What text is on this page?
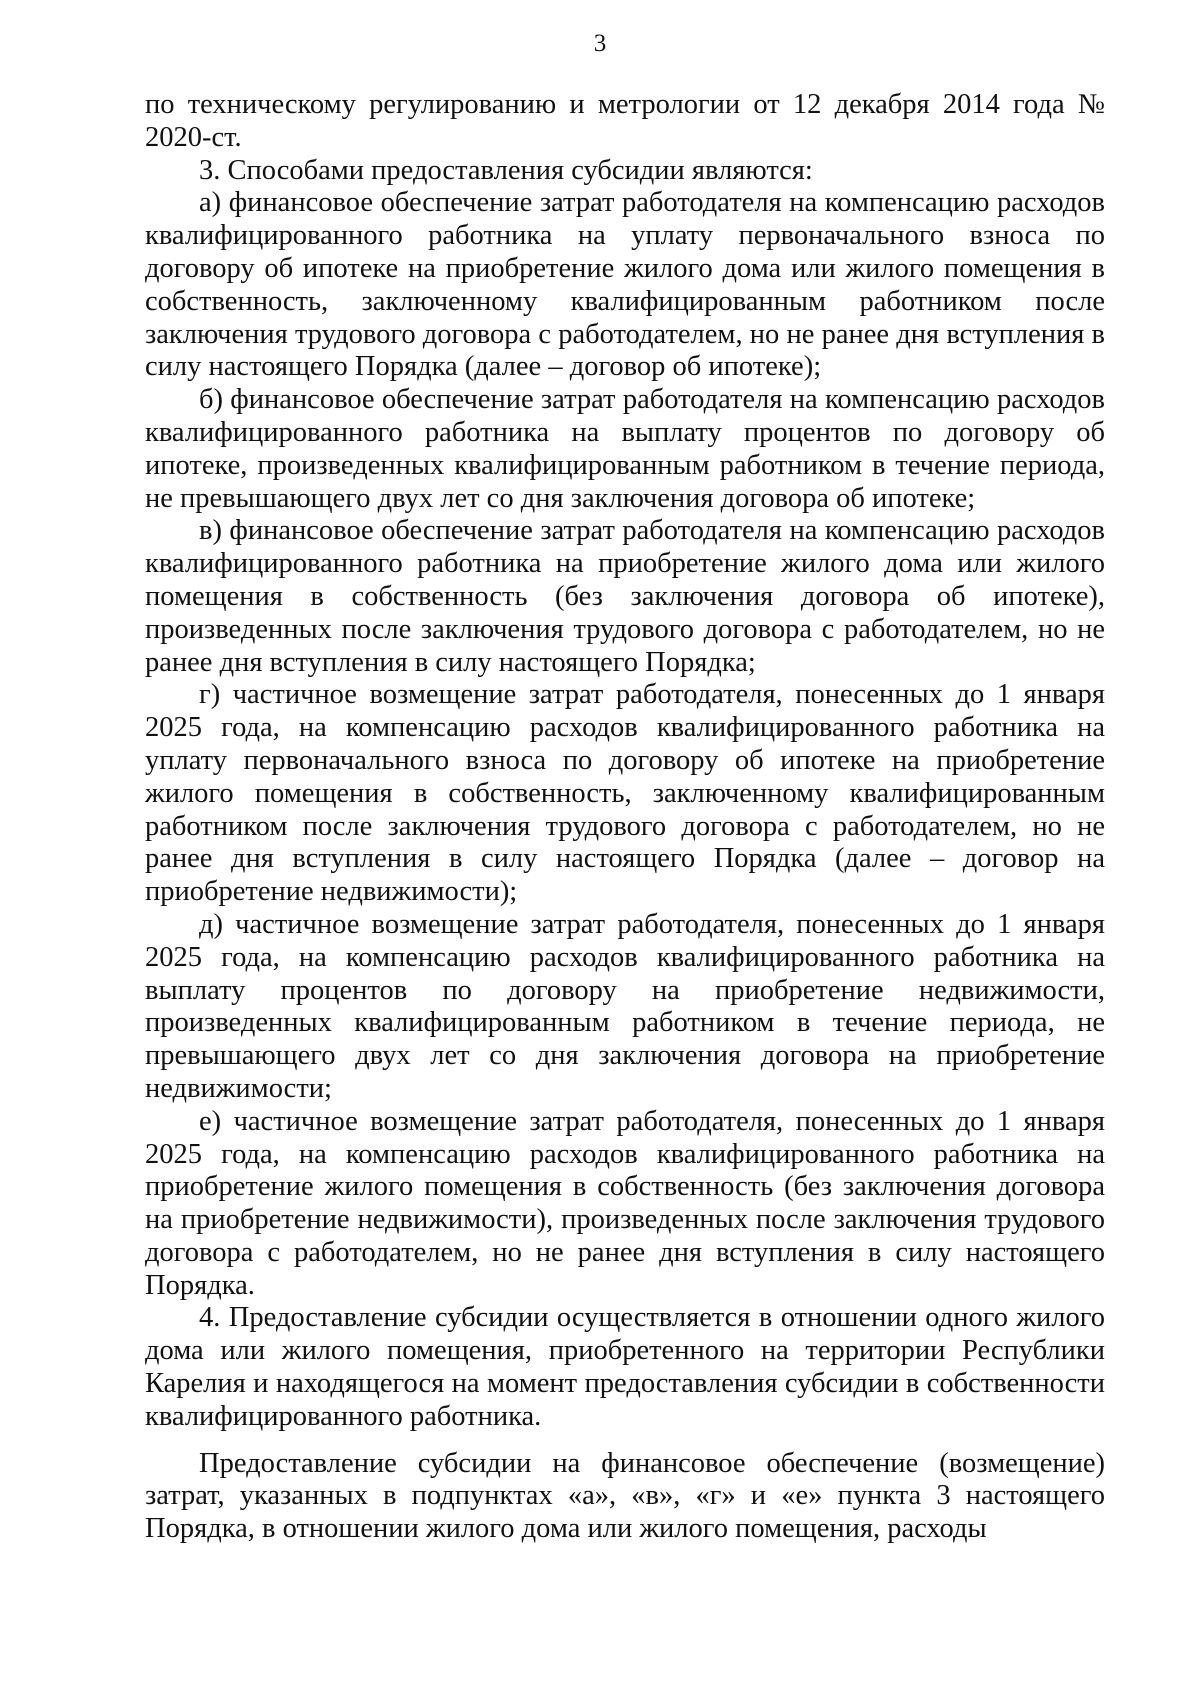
3

по техническому регулированию и метрологии от 12 декабря 2014 года № 2020-ст.

3. Способами предоставления субсидии являются:

а) финансовое обеспечение затрат работодателя на компенсацию расходов квалифицированного работника на уплату первоначального взноса по договору об ипотеке на приобретение жилого дома или жилого помещения в собственность, заключенному квалифицированным работником после заключения трудового договора с работодателем, но не ранее дня вступления в силу настоящего Порядка (далее – договор об ипотеке);

б) финансовое обеспечение затрат работодателя на компенсацию расходов квалифицированного работника на выплату процентов по договору об ипотеке, произведенных квалифицированным работником в течение периода, не превышающего двух лет со дня заключения договора об ипотеке;

в) финансовое обеспечение затрат работодателя на компенсацию расходов квалифицированного работника на приобретение жилого дома или жилого помещения в собственность (без заключения договора об ипотеке), произведенных после заключения трудового договора с работодателем, но не ранее дня вступления в силу настоящего Порядка;

г) частичное возмещение затрат работодателя, понесенных до 1 января 2025 года, на компенсацию расходов квалифицированного работника на уплату первоначального взноса по договору об ипотеке на приобретение жилого помещения в собственность, заключенному квалифицированным работником после заключения трудового договора с работодателем, но не ранее дня вступления в силу настоящего Порядка (далее – договор на приобретение недвижимости);

д) частичное возмещение затрат работодателя, понесенных до 1 января 2025 года, на компенсацию расходов квалифицированного работника на выплату процентов по договору на приобретение недвижимости, произведенных квалифицированным работником в течение периода, не превышающего двух лет со дня заключения договора на приобретение недвижимости;

е) частичное возмещение затрат работодателя, понесенных до 1 января 2025 года, на компенсацию расходов квалифицированного работника на приобретение жилого помещения в собственность (без заключения договора на приобретение недвижимости), произведенных после заключения трудового договора с работодателем, но не ранее дня вступления в силу настоящего Порядка.

4. Предоставление субсидии осуществляется в отношении одного жилого дома или жилого помещения, приобретенного на территории Республики Карелия и находящегося на момент предоставления субсидии в собственности квалифицированного работника.

Предоставление субсидии на финансовое обеспечение (возмещение) затрат, указанных в подпунктах «а», «в», «г» и «е» пункта 3 настоящего Порядка, в отношении жилого дома или жилого помещения, расходы
